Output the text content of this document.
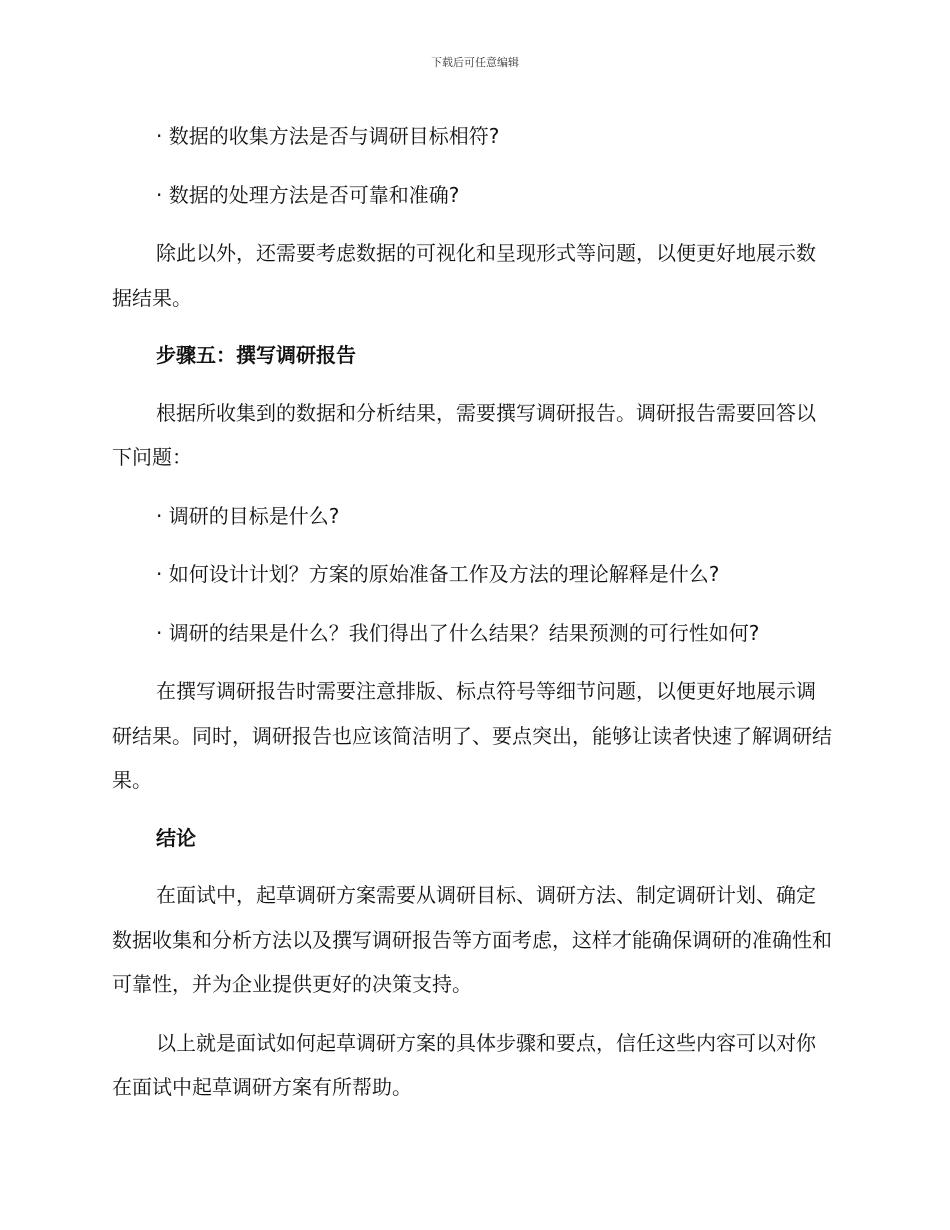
下载后可任意编辑

· 数据的收集方法是否与调研目标相符?

· 数据的处理方法是否可靠和准确?

除此以外，还需要考虑数据的可视化和呈现形式等问题，以便更好地展示数据结果。

步骤五：撰写调研报告

根据所收集到的数据和分析结果，需要撰写调研报告。调研报告需要回答以下问题：

· 调研的目标是什么?

· 如何设计计划？方案的原始准备工作及方法的理论解释是什么?

· 调研的结果是什么？我们得出了什么结果？结果预测的可行性如何?

在撰写调研报告时需要注意排版、标点符号等细节问题，以便更好地展示调研结果。同时，调研报告也应该简洁明了、要点突出，能够让读者快速了解调研结果。

结论

在面试中，起草调研方案需要从调研目标、调研方法、制定调研计划、确定数据收集和分析方法以及撰写调研报告等方面考虑，这样才能确保调研的准确性和可靠性，并为企业提供更好的决策支持。

以上就是面试如何起草调研方案的具体步骤和要点，信任这些内容可以对你在面试中起草调研方案有所帮助。
